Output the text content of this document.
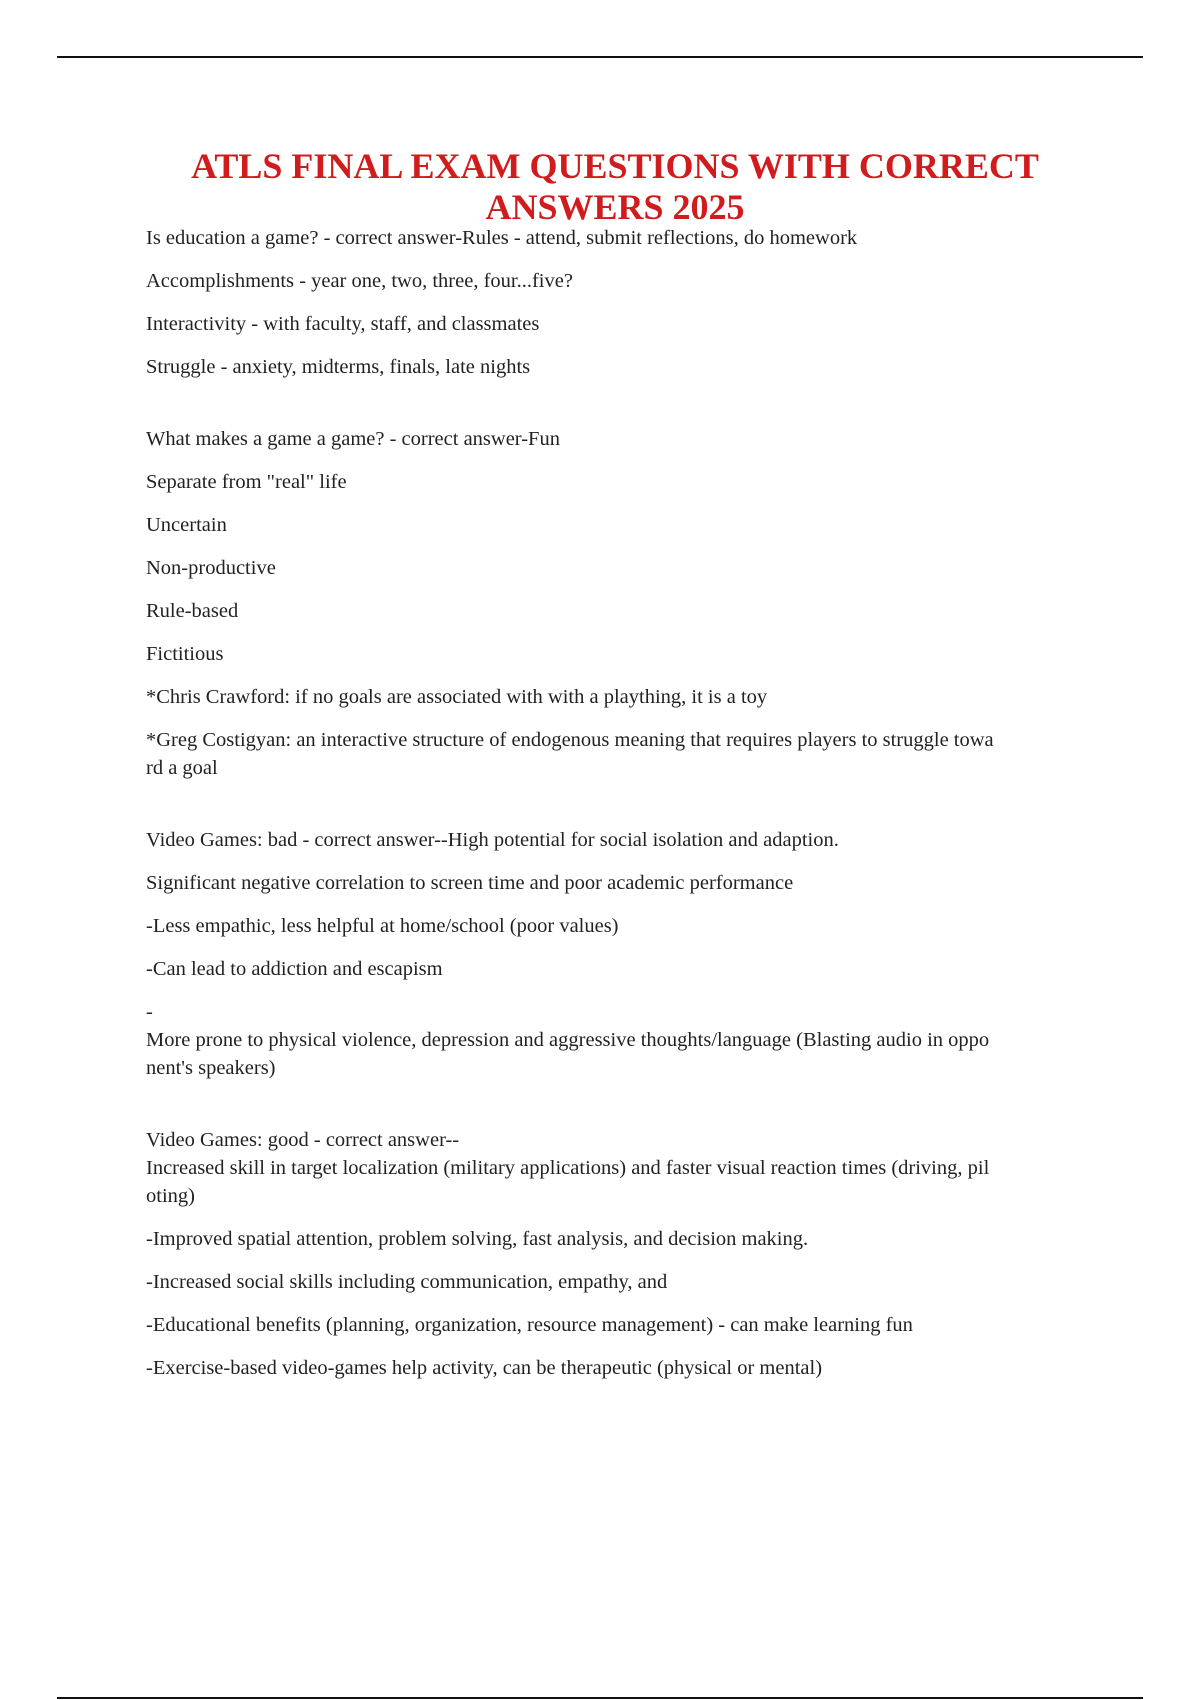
ATLS FINAL EXAM QUESTIONS WITH CORRECT
ANSWERS 2025

Is education a game? - correct answer-Rules - attend, submit reflections, do homework

Accomplishments - year one, two, three, four...five?

Interactivity - with faculty, staff, and classmates

Struggle - anxiety, midterms, finals, late nights

What makes a game a game? - correct answer-Fun

Separate from "real" life

Uncertain

Non-productive

Rule-based

Fictitious

*Chris Crawford: if no goals are associated with with a plaything, it is a toy

*Greg Costigyan: an interactive structure of endogenous meaning that requires players to struggle towa
rd a goal

Video Games: bad - correct answer--High potential for social isolation and adaption.

Significant negative correlation to screen time and poor academic performance

-Less empathic, less helpful at home/school (poor values)

-Can lead to addiction and escapism

-
More prone to physical violence, depression and aggressive thoughts/language (Blasting audio in oppo
nent's speakers)

Video Games: good - correct answer--
Increased skill in target localization (military applications) and faster visual reaction times (driving, pil
oting)

-Improved spatial attention, problem solving, fast analysis, and decision making.

-Increased social skills including communication, empathy, and

-Educational benefits (planning, organization, resource management) - can make learning fun

-Exercise-based video-games help activity, can be therapeutic (physical or mental)
